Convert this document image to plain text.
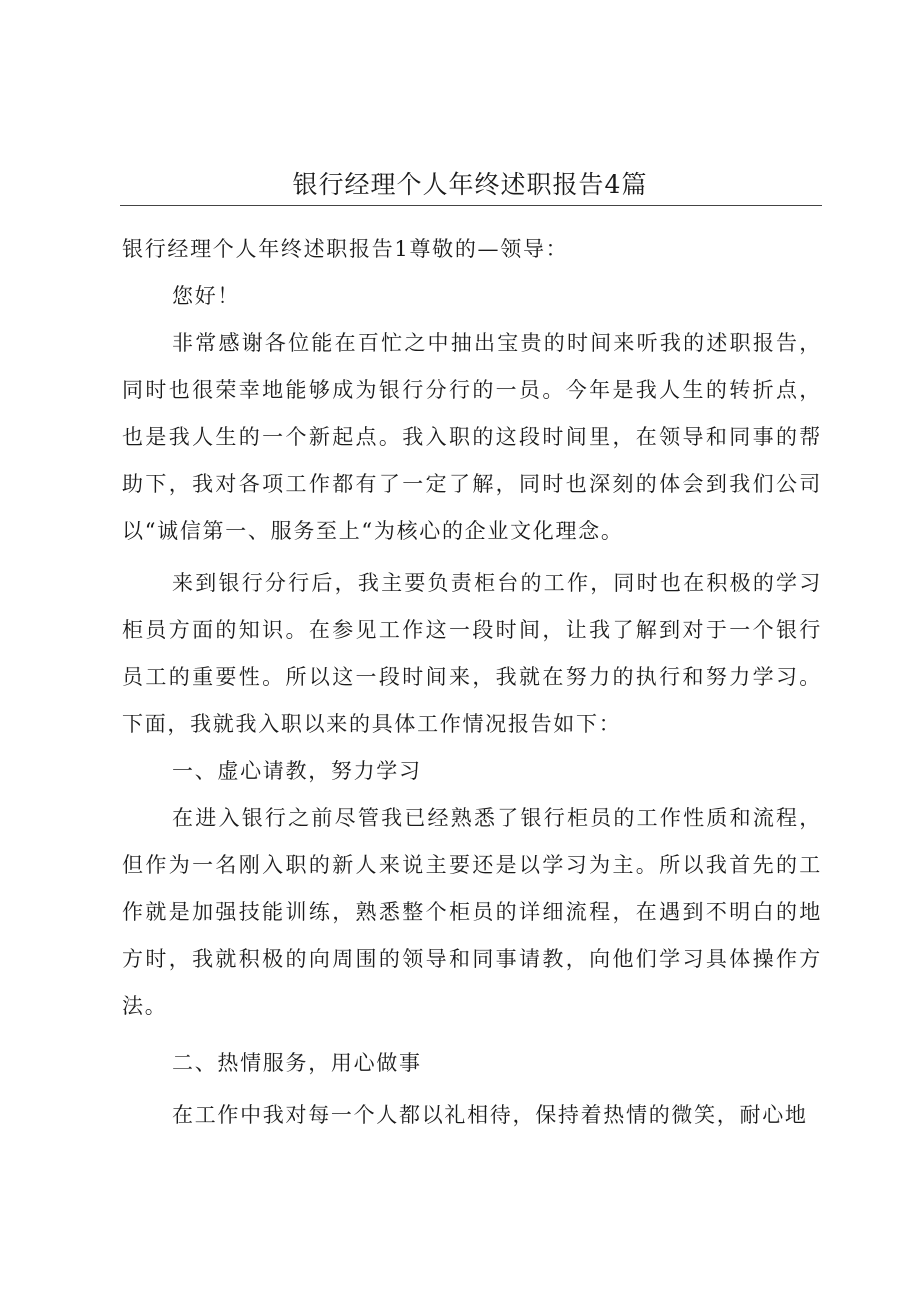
银行经理个人年终述职报告4篇

银行经理个人年终述职报告1尊敬的—领导：

您好！

非常感谢各位能在百忙之中抽出宝贵的时间来听我的述职报告，同时也很荣幸地能够成为银行分行的一员。今年是我人生的转折点，也是我人生的一个新起点。我入职的这段时间里，在领导和同事的帮助下，我对各项工作都有了一定了解，同时也深刻的体会到我们公司以“诚信第一、服务至上“为核心的企业文化理念。

来到银行分行后，我主要负责柜台的工作，同时也在积极的学习柜员方面的知识。在参见工作这一段时间，让我了解到对于一个银行员工的重要性。所以这一段时间来，我就在努力的执行和努力学习。下面，我就我入职以来的具体工作情况报告如下：

一、虚心请教，努力学习

在进入银行之前尽管我已经熟悉了银行柜员的工作性质和流程，但作为一名刚入职的新人来说主要还是以学习为主。所以我首先的工作就是加强技能训练，熟悉整个柜员的详细流程，在遇到不明白的地方时，我就积极的向周围的领导和同事请教，向他们学习具体操作方法。

二、热情服务，用心做事

在工作中我对每一个人都以礼相待，保持着热情的微笑，耐心地
